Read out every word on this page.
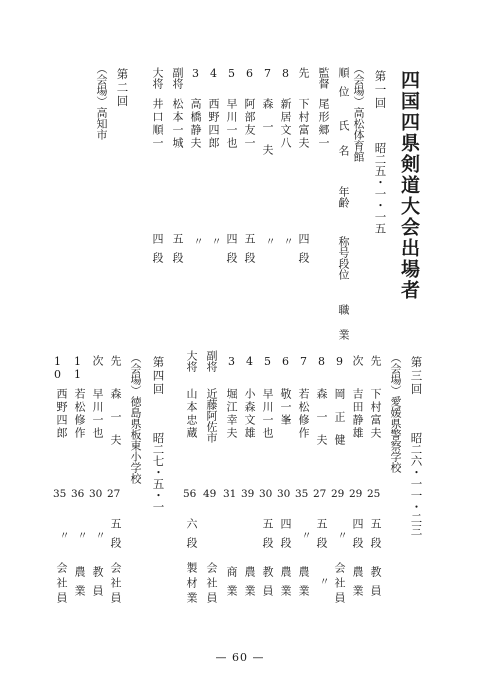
四国四県剣道大会出場者
第一回
昭二五・一・一五
（会場）高松体育館
順位
氏名
年齢
称号段位
職業
監督
尾形郷一
先
下村富夫
四段
8
新居文八
〃
7
森一夫
〃
6
阿部友一
五段
5
早川一也
四段
4
西野四郎
〃
3
高橋静夫
〃
副将
松本一城
五段
大将
井口順一
四段
第二回
（会場）高知市
第三回
昭二六・一一・二三
（会場）愛媛県警察学校
先
下村富夫
25
五段
教員
次
吉田静雄
29
四段
農業
9
岡正健
29
〃
会社員
8
森一夫
27
五段
〃
7
若松修作
35
〃
農業
6
敬一峯
30
四段
農業
5
早川一也
30
五段
教員
4
小森文雄
39
農業
3
堀江幸夫
31
商業
副将
近藤阿佐市
49
会社員
大将
山本忠蔵
56
六段
製材業
第四回
昭二七・五・一
（会場）徳島県板東小学校
先
森一夫
27
五段
会社員
次
早川一也
30
〃
教員
11
若松修作
36
〃
農業
10
西野四郎
35
〃
会社員
— 60 —
